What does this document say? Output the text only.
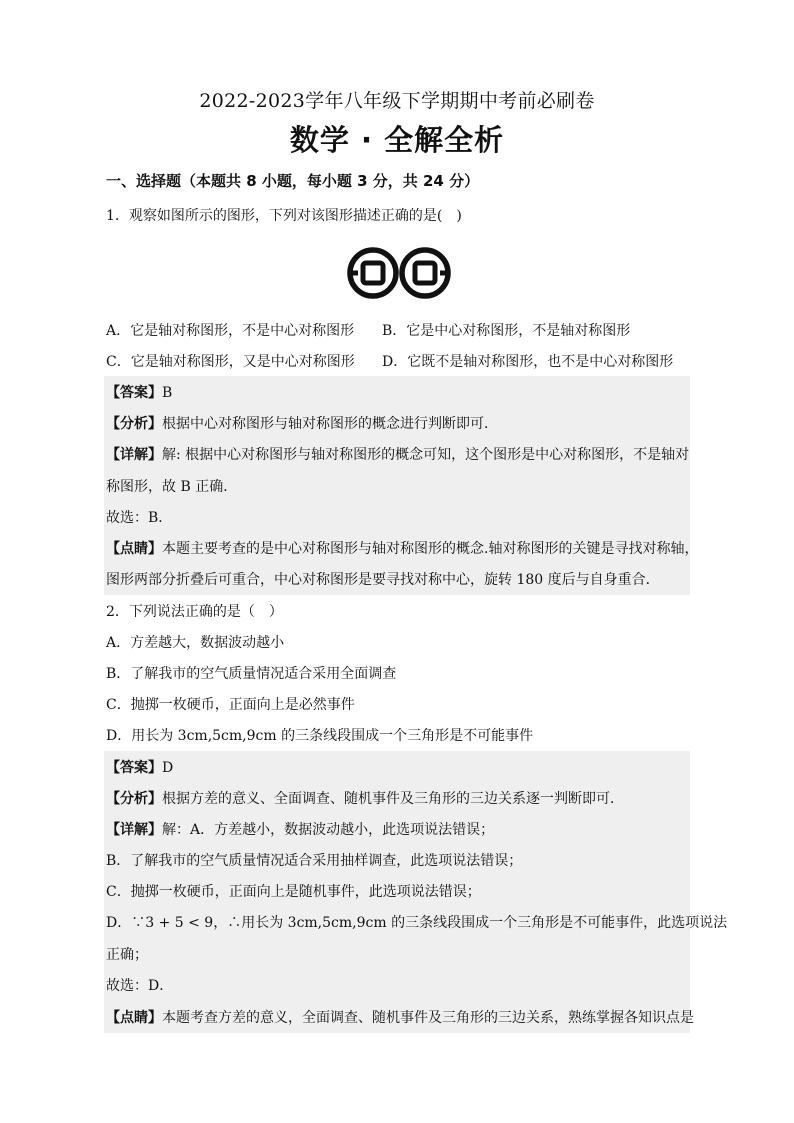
2022-2023学年八年级下学期期中考前必刷卷
数学 · 全解全析
一、选择题（本题共 8 小题，每小题 3 分，共 24 分）
1．观察如图所示的图形，下列对该图形描述正确的是(　)
A．它是轴对称图形，不是中心对称图形 B．它是中心对称图形，不是轴对称图形
C．它是轴对称图形，又是中心对称图形 D．它既不是轴对称图形，也不是中心对称图形
【答案】B
【分析】根据中心对称图形与轴对称图形的概念进行判断即可．
【详解】解: 根据中心对称图形与轴对称图形的概念可知，这个图形是中心对称图形，不是轴对
称图形，故 B 正确．
故选：B．
【点睛】本题主要考查的是中心对称图形与轴对称图形的概念.轴对称图形的关键是寻找对称轴，
图形两部分折叠后可重合，中心对称图形是要寻找对称中心，旋转 180 度后与自身重合．
2．下列说法正确的是（　）
A．方差越大，数据波动越小
B．了解我市的空气质量情况适合采用全面调查
C．抛掷一枚硬币，正面向上是必然事件
D．用长为 3cm,5cm,9cm 的三条线段围成一个三角形是不可能事件
【答案】D
【分析】根据方差的意义、全面调查、随机事件及三角形的三边关系逐一判断即可．
【详解】解：A．方差越小，数据波动越小，此选项说法错误；
B．了解我市的空气质量情况适合采用抽样调查，此选项说法错误；
C．抛掷一枚硬币，正面向上是随机事件，此选项说法错误；
D．∵3 + 5 < 9，∴用长为 3cm,5cm,9cm 的三条线段围成一个三角形是不可能事件，此选项说法
正确；
故选：D．
【点睛】本题考查方差的意义，全面调查、随机事件及三角形的三边关系，熟练掌握各知识点是
